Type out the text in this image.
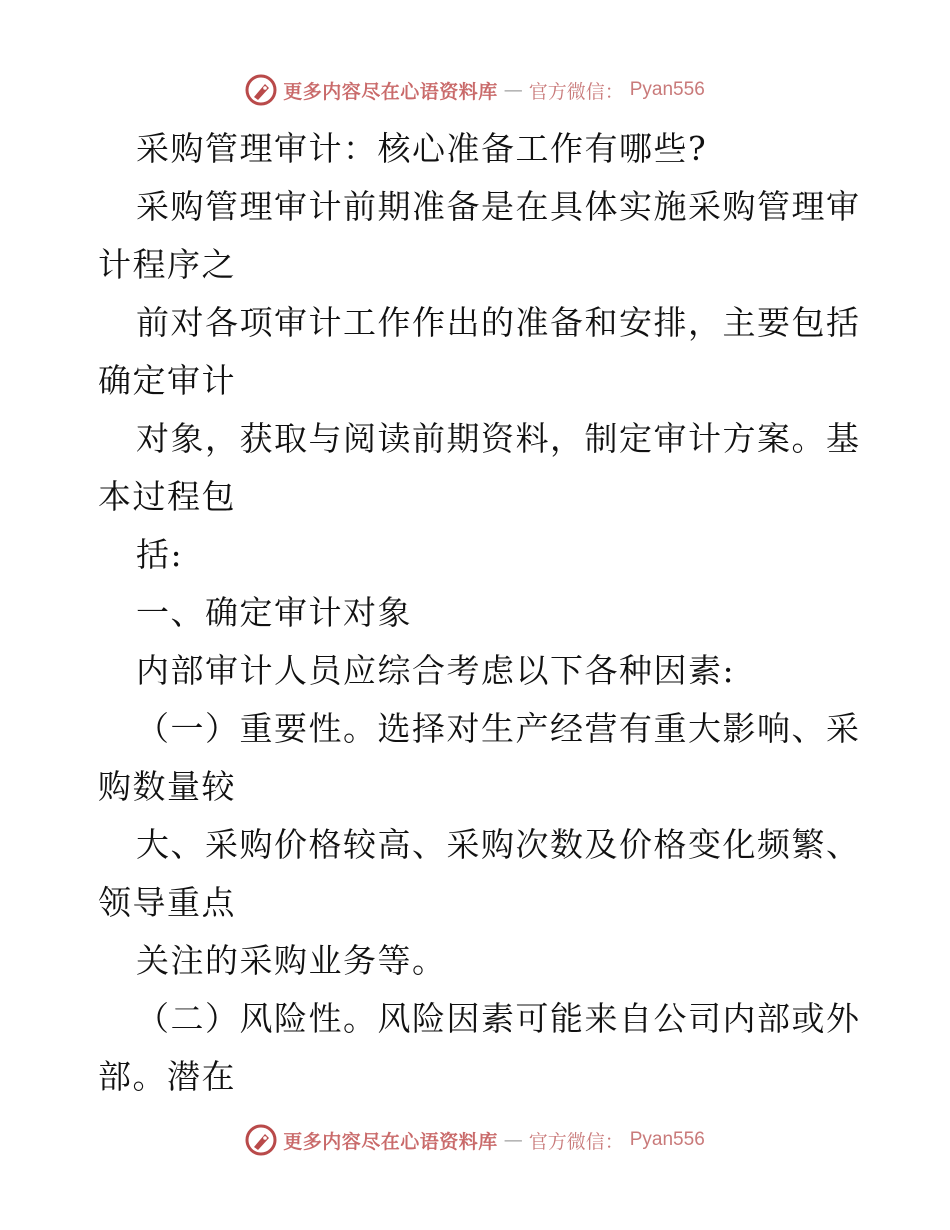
更多内容尽在心语资料库 — 官方微信： Pyan556
采购管理审计：核心准备工作有哪些?
采购管理审计前期准备是在具体实施采购管理审
计程序之
前对各项审计工作作出的准备和安排，主要包括
确定审计
对象，获取与阅读前期资料，制定审计方案。基
本过程包
括:
一、确定审计对象
内部审计人员应综合考虑以下各种因素:
（一）重要性。选择对生产经营有重大影响、采
购数量较
大、采购价格较高、采购次数及价格变化频繁、
领导重点
关注的采购业务等。
（二）风险性。风险因素可能来自公司内部或外
部。潜在
更多内容尽在心语资料库 — 官方微信： Pyan556
